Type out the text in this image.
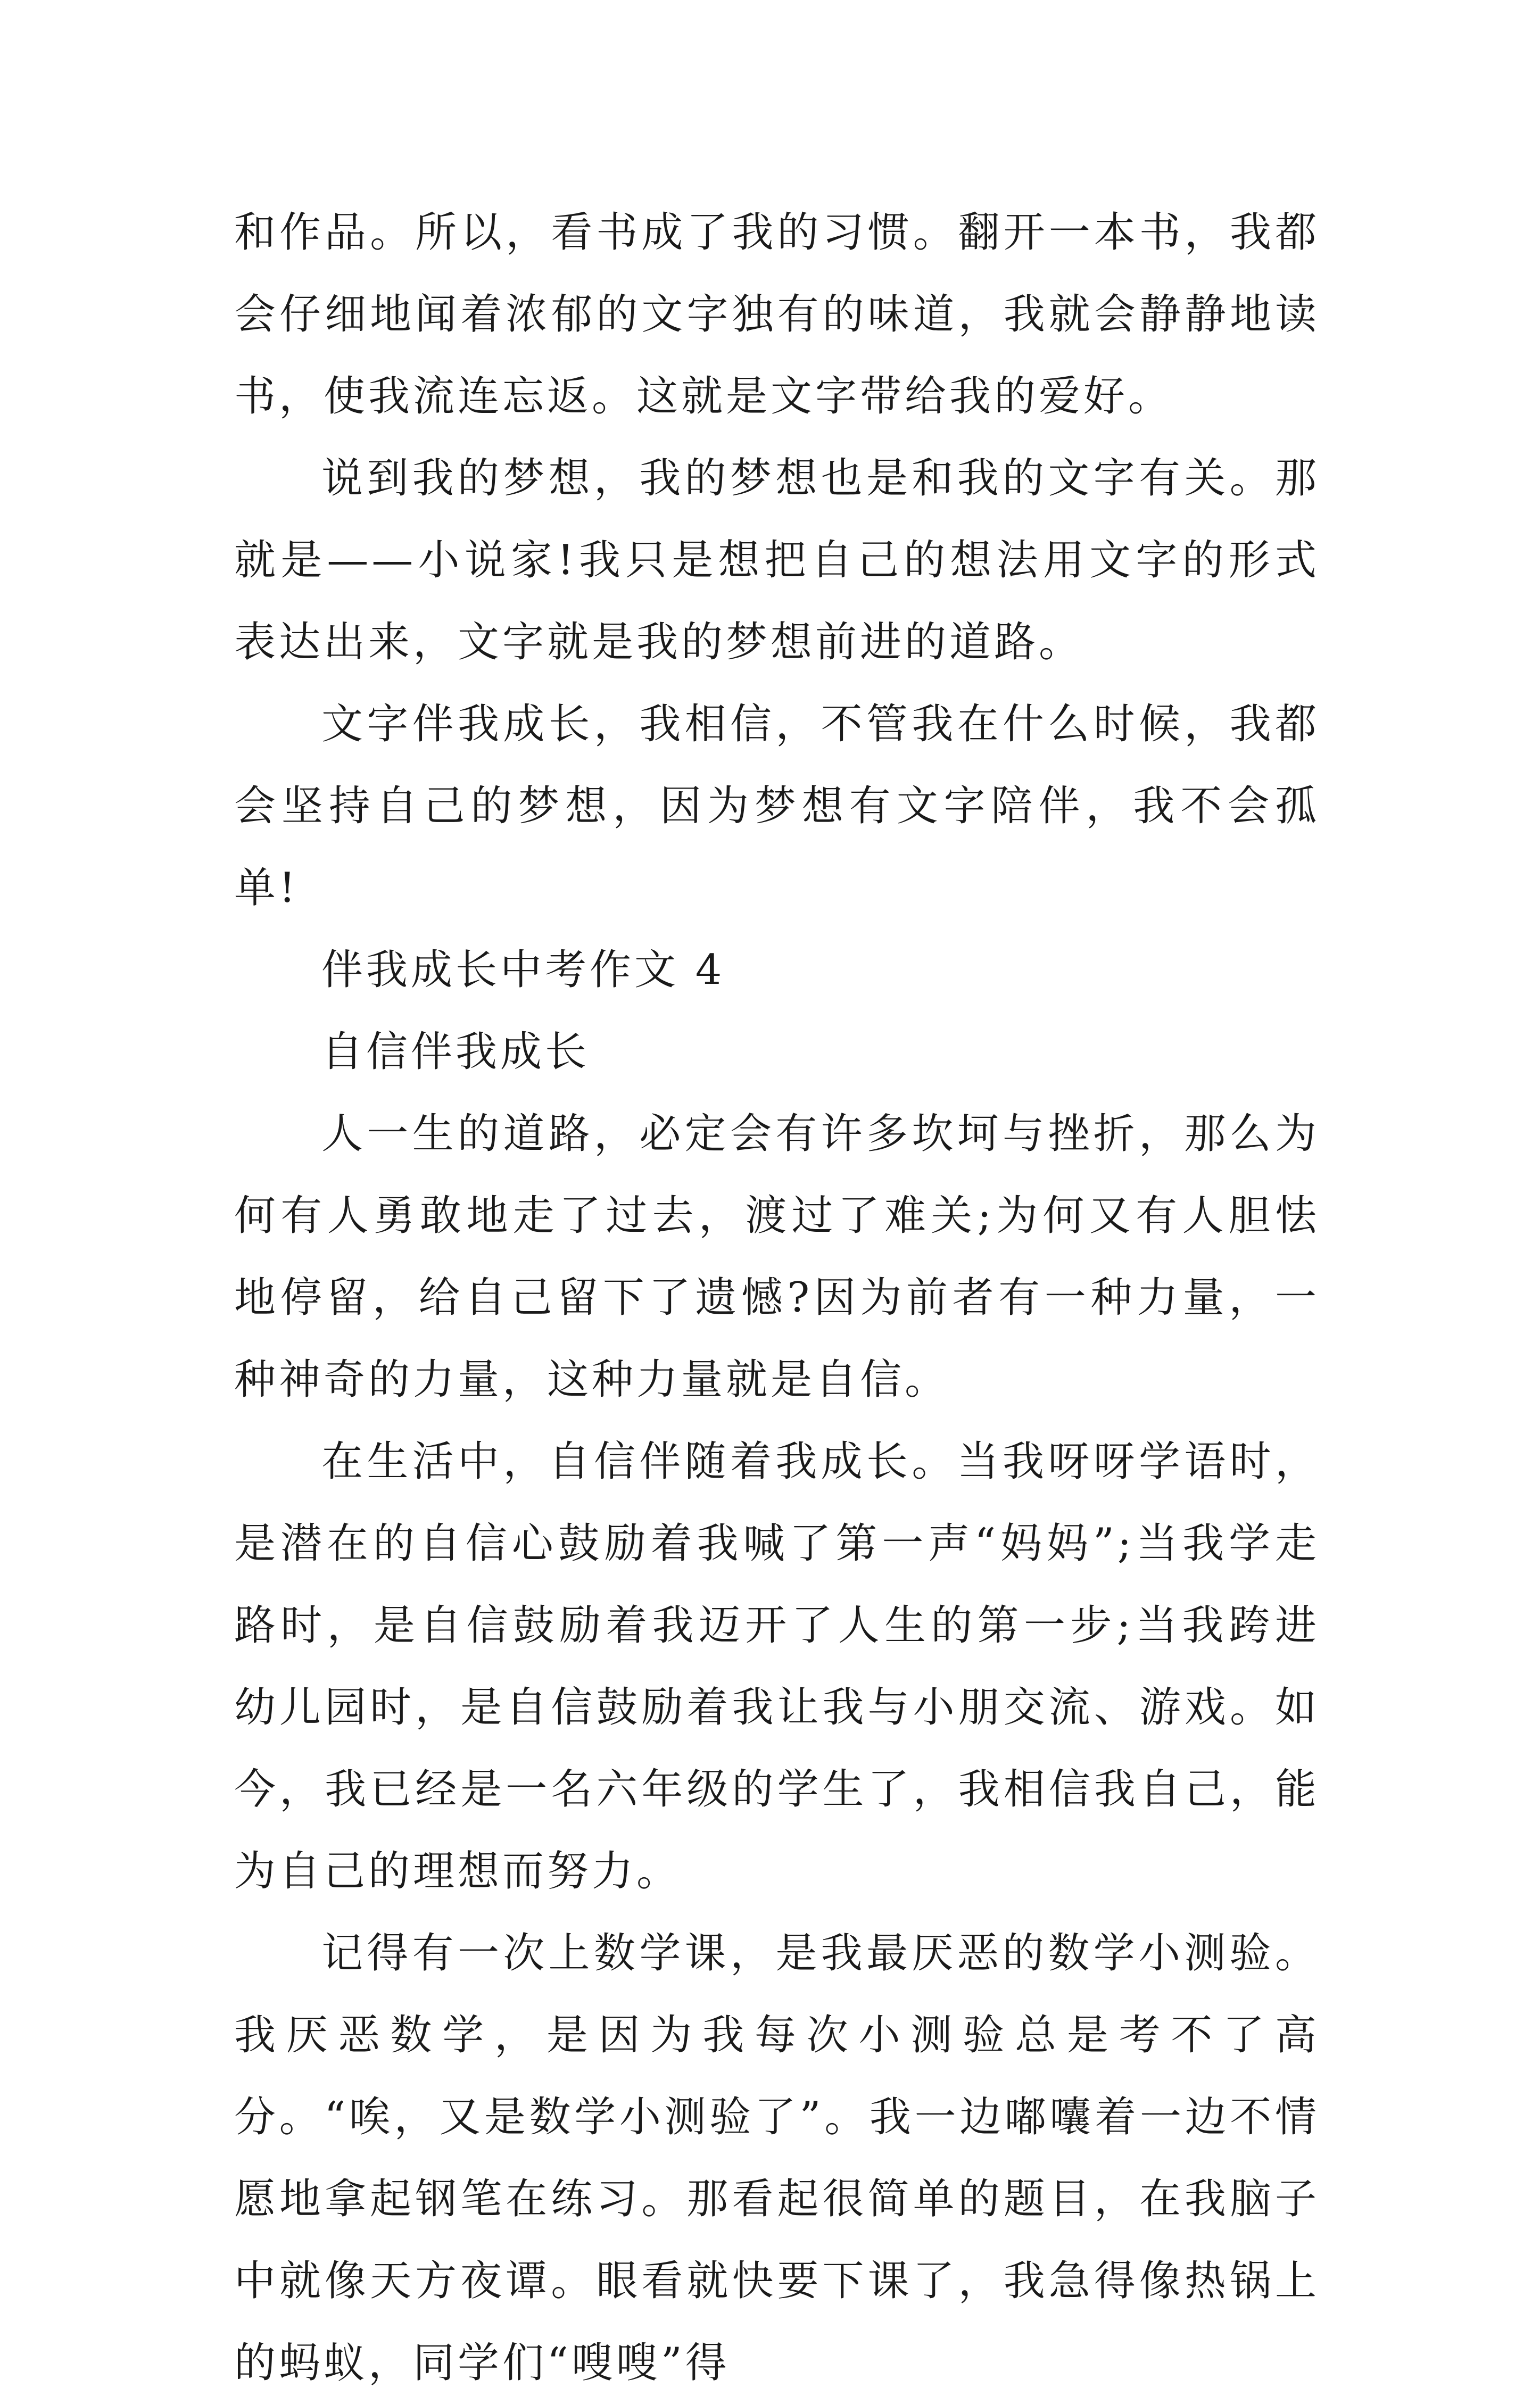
和作品。所以，看书成了我的习惯。翻开一本书，我都会仔细地闻着浓郁的文字独有的味道，我就会静静地读书，使我流连忘返。这就是文字带给我的爱好。

说到我的梦想，我的梦想也是和我的文字有关。那就是——小说家!我只是想把自己的想法用文字的形式表达出来，文字就是我的梦想前进的道路。

文字伴我成长，我相信，不管我在什么时候，我都会坚持自己的梦想，因为梦想有文字陪伴，我不会孤单!

伴我成长中考作文 4

自信伴我成长

人一生的道路，必定会有许多坎坷与挫折，那么为何有人勇敢地走了过去，渡过了难关;为何又有人胆怯地停留，给自己留下了遗憾?因为前者有一种力量，一种神奇的力量，这种力量就是自信。

在生活中，自信伴随着我成长。当我呀呀学语时，是潜在的自信心鼓励着我喊了第一声“妈妈”;当我学走路时，是自信鼓励着我迈开了人生的第一步;当我跨进幼儿园时，是自信鼓励着我让我与小朋交流、游戏。如今，我已经是一名六年级的学生了，我相信我自己，能为自己的理想而努力。

记得有一次上数学课，是我最厌恶的数学小测验。我厌恶数学，是因为我每次小测验总是考不了高分。“唉，又是数学小测验了”。我一边嘟囔着一边不情愿地拿起钢笔在练习。那看起很简单的题目，在我脑子中就像天方夜谭。眼看就快要下课了，我急得像热锅上的蚂蚁，同学们“嗖嗖”得
